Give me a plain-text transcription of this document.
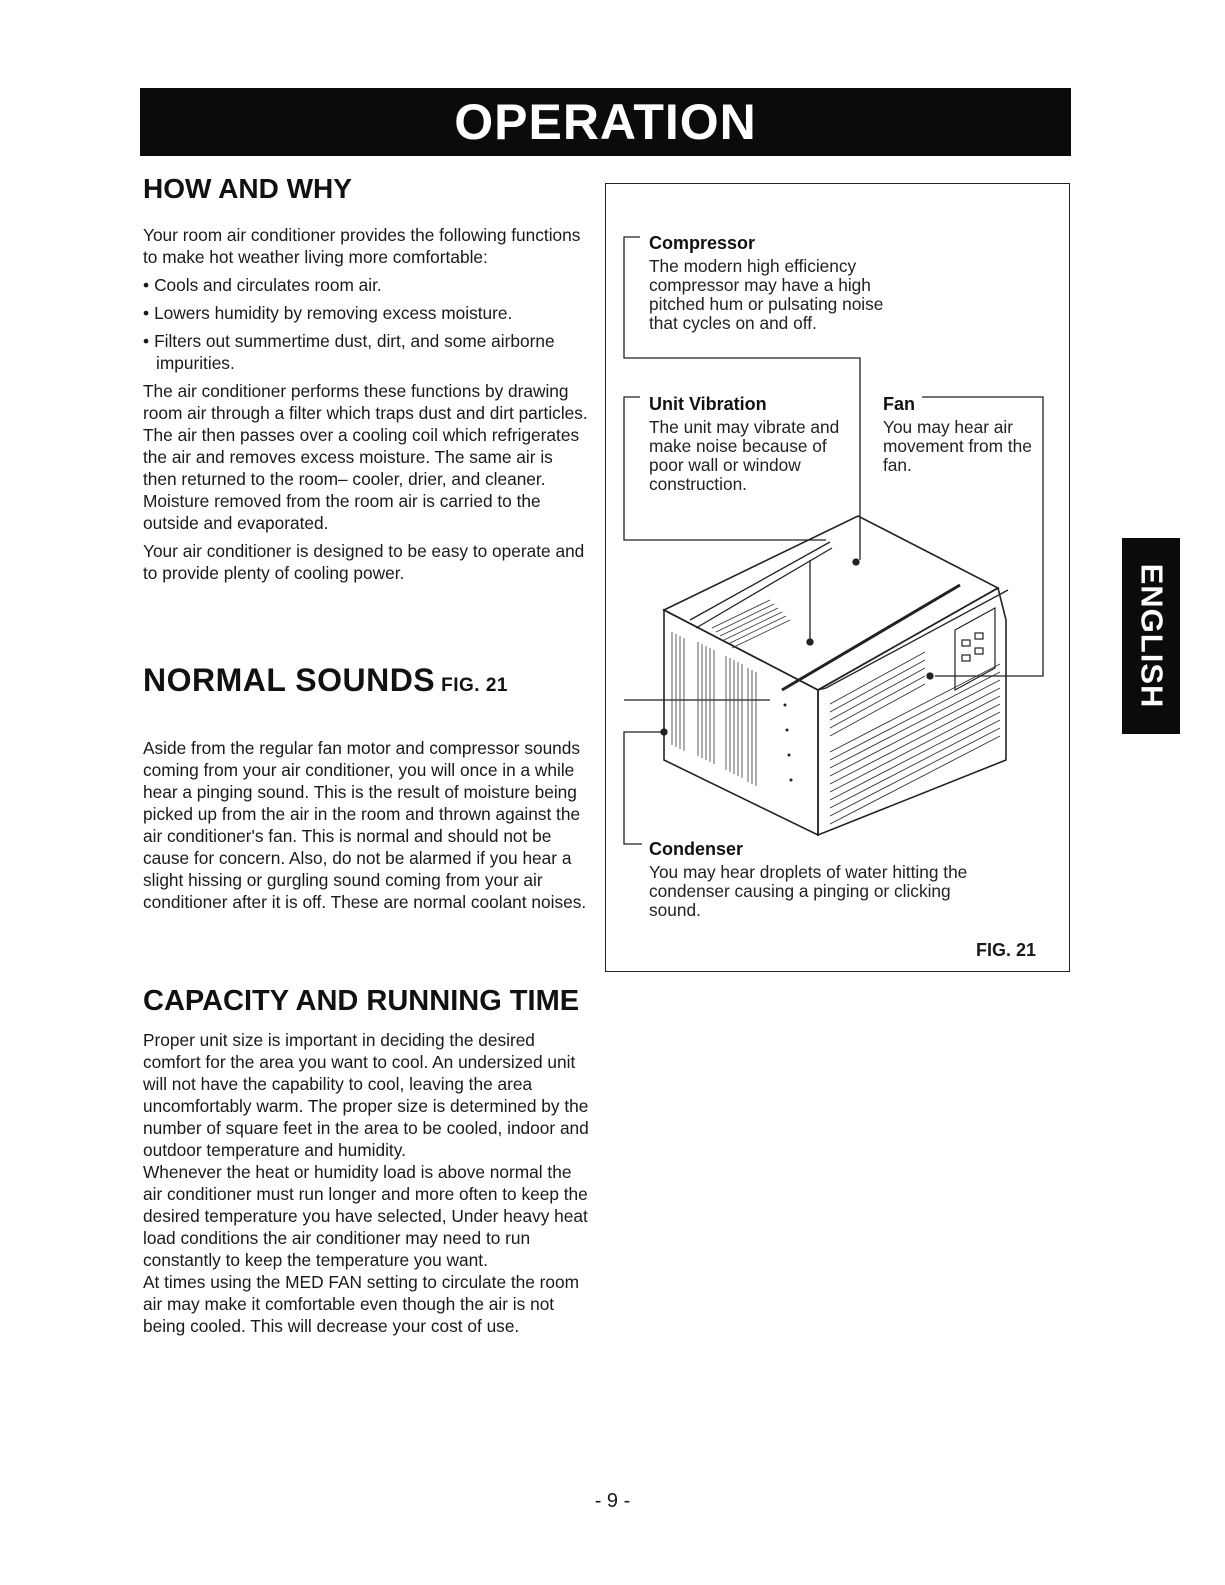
OPERATION
ENGLISH
HOW AND WHY

Your room air conditioner provides the following functions to make hot weather living more comfortable:

• Cools and circulates room air.
• Lowers humidity by removing excess moisture.
• Filters out summertime dust, dirt, and some airborne impurities.

The air conditioner performs these functions by drawing room air through a filter which traps dust and dirt particles. The air then passes over a cooling coil which refrigerates the air and removes excess moisture. The same air is then returned to the room– cooler, drier, and cleaner. Moisture removed from the room air is carried to the outside and evaporated.

Your air conditioner is designed to be easy to operate and to provide plenty of cooling power.

NORMAL SOUNDS FIG. 21

Aside from the regular fan motor and compressor sounds coming from your air conditioner, you will once in a while hear a pinging sound. This is the result of moisture being picked up from the air in the room and thrown against the air conditioner's fan. This is normal and should not be cause for concern. Also, do not be alarmed if you hear a slight hissing or gurgling sound coming from your air conditioner after it is off. These are normal coolant noises.

CAPACITY AND RUNNING TIME

Proper unit size is important in deciding the desired comfort for the area you want to cool. An undersized unit will not have the capability to cool, leaving the area uncomfortably warm. The proper size is determined by the number of square feet in the area to be cooled, indoor and outdoor temperature and humidity.

Whenever the heat or humidity load is above normal the air conditioner must run longer and more often to keep the desired temperature you have selected, Under heavy heat load conditions the air conditioner may need to run constantly to keep the temperature you want.

At times using the MED FAN setting to circulate the room air may make it comfortable even though the air is not being cooled. This will decrease your cost of use.

Compressor
The modern high efficiency compressor may have a high pitched hum or pulsating noise that cycles on and off.
Unit Vibration
The unit may vibrate and make noise because of poor wall or window construction.
Fan
You may hear air movement from the fan.
Condenser
You may hear droplets of water hitting the condenser causing a pinging or clicking sound.
FIG. 21
- 9 -
